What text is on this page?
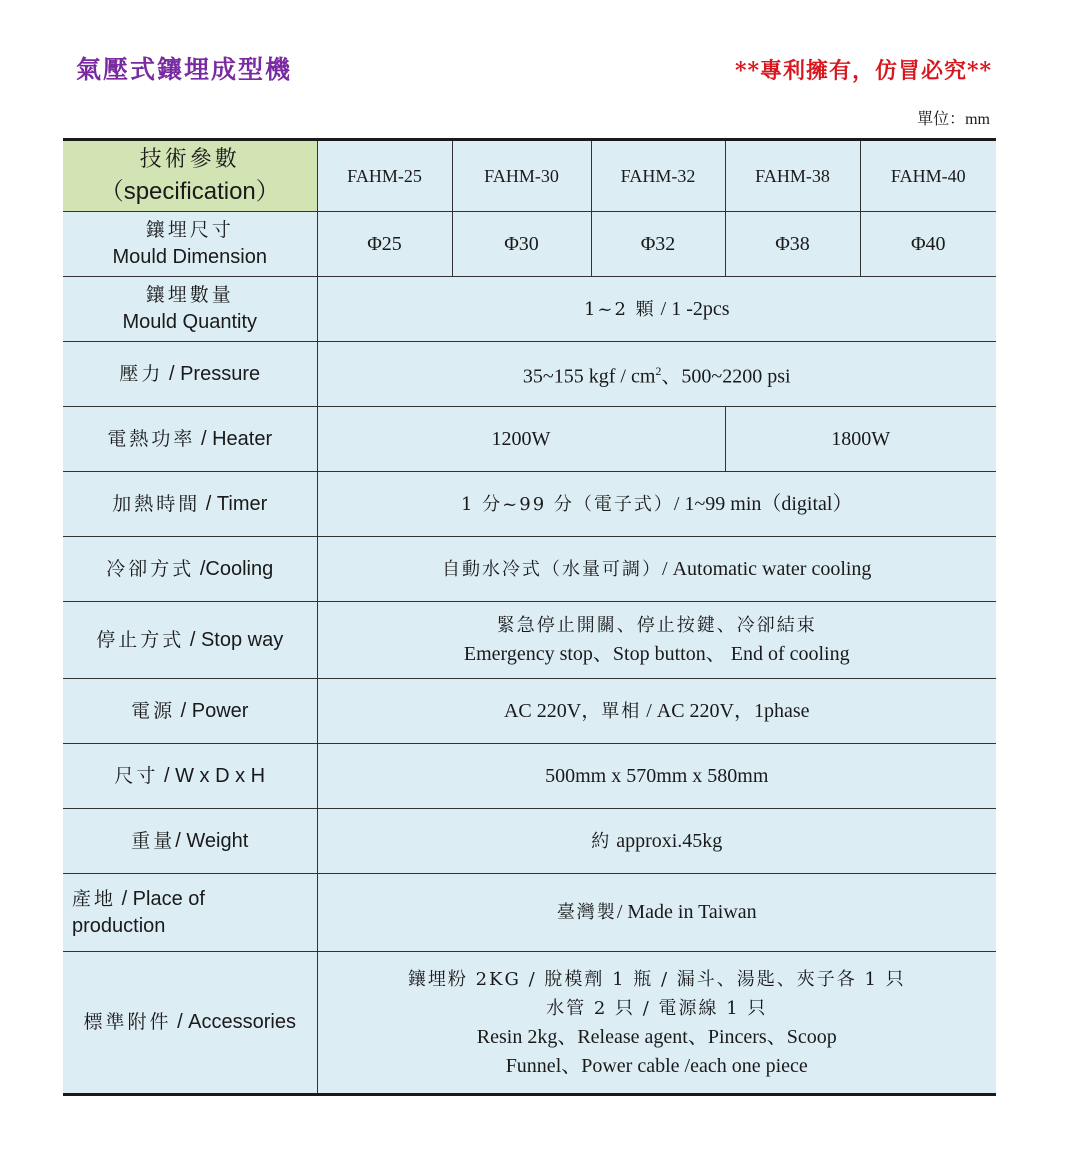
氣壓式鑲埋成型機	**專利擁有，仿冒必究**
單位：mm
技術參數
（specification）	FAHM-25	FAHM-30	FAHM-32	FAHM-38	FAHM-40

鑲埋尺寸
Mould Dimension	Φ25	Φ30	Φ32	Φ38	Φ40

鑲埋數量
Mould Quantity	1~2 顆 / 1 -2pcs				
壓力 / Pressure	35~155 kgf / $cm^2$、500~2200 psi				
電熱功率 / Heater	1200W			1800W	
加熱時間 / Timer	1 分~99 分（電子式）/ 1~99 min（digital）				
冷卻方式 /Cooling	自動水冷式（水量可調）/ Automatic water cooling				
停止方式 / Stop way	緊急停止開關、停止按鍵、冷卻結束
Emergency stop、Stop button、 End of cooling				

電源 / Power	AC 220V，單相 / AC 220V，1phase				
尺寸 / W x D x H	500mm x 570mm x 580mm				
重量/ Weight	約 approxi.45kg				

產地 / Place of
production	臺灣製/ Made in Taiwan				
標準附件 / Accessories	鑲埋粉 2KG / 脫模劑 1 瓶 / 漏斗、湯匙、夾子各 1 只
水管 2 只 / 電源線 1 只
Resin 2kg、Release agent、Pincers、Scoop
Funnel、Power cable /each one piece				
